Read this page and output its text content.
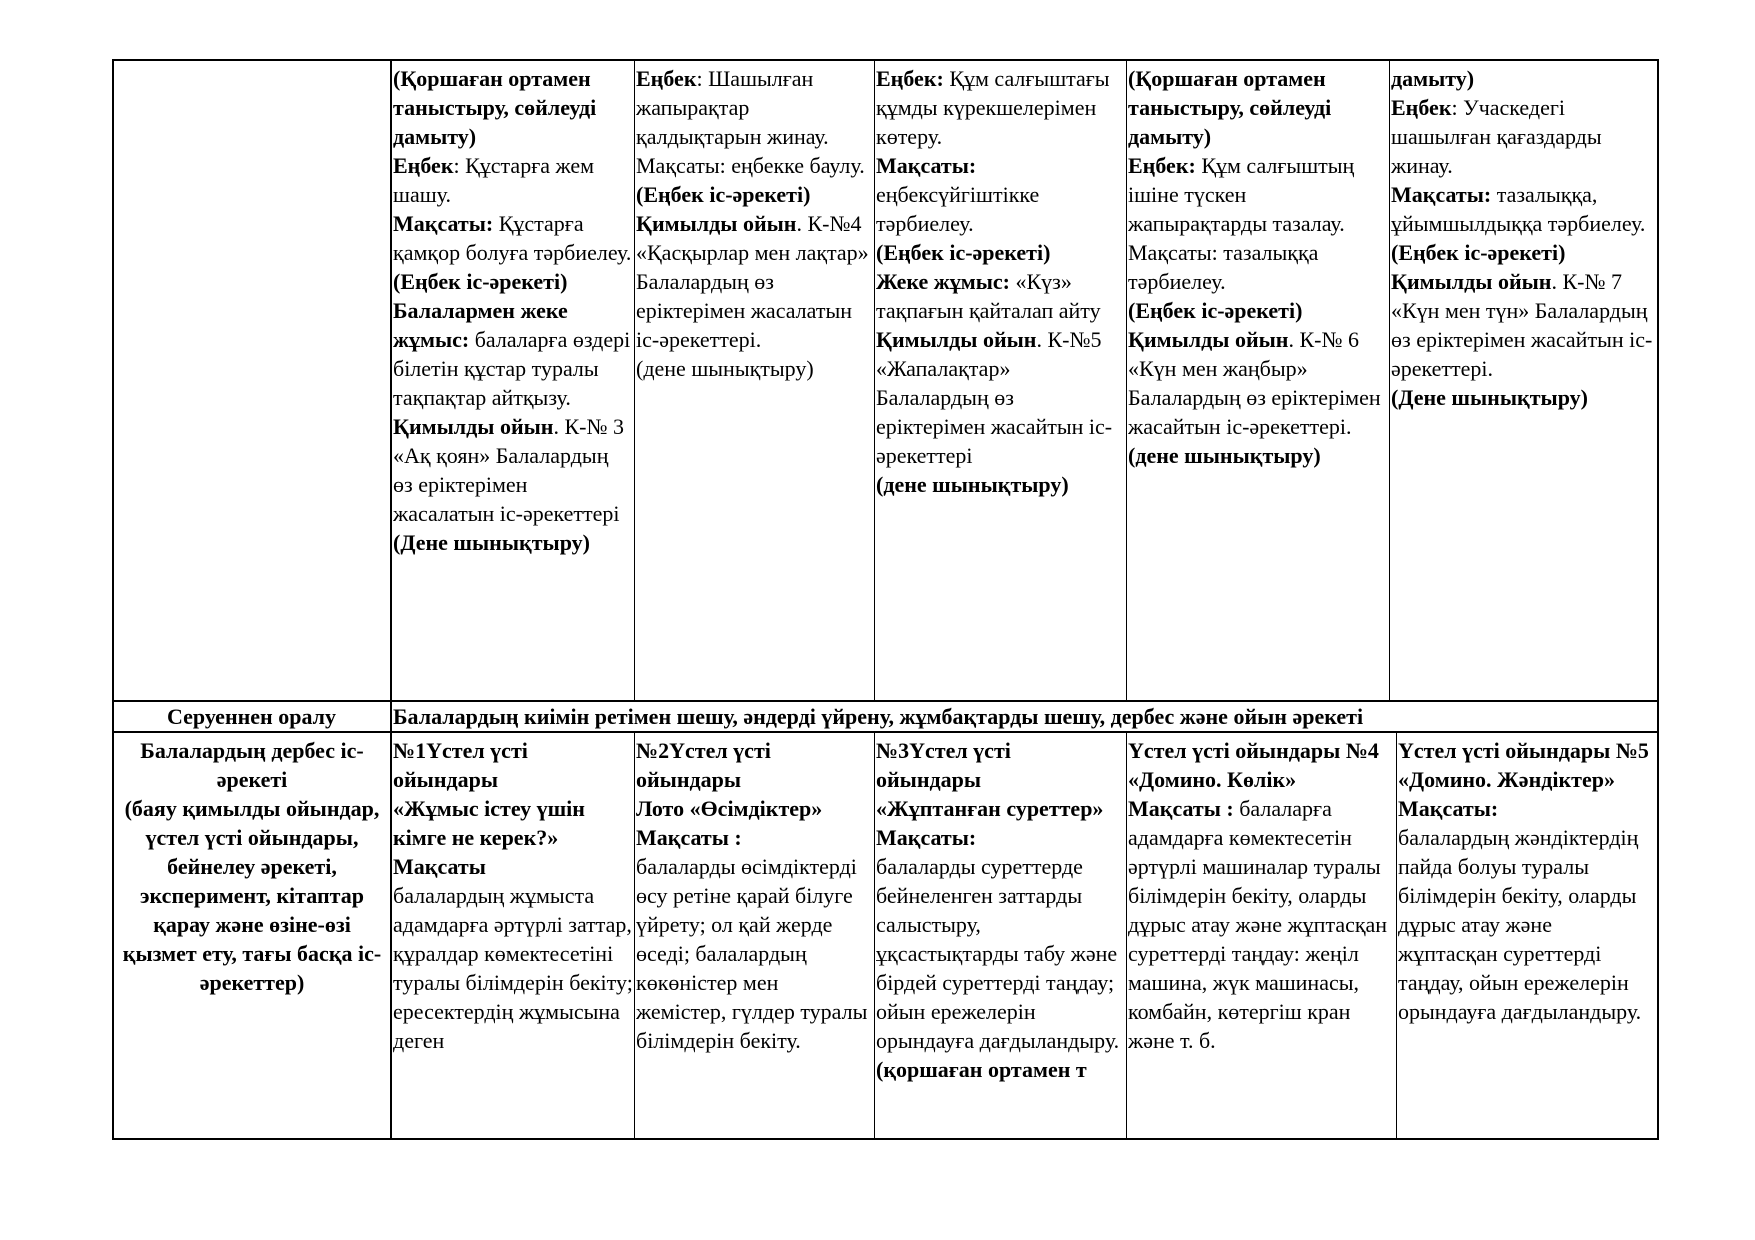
(Қоршаған ортамен таныстыру, сөйлеуді дамыту)

Еңбек: Құстарға жем шашу.

Мақсаты: Құстарға қамқор болуға тәрбиелеу.

(Еңбек іс-әрекеті)

Балалармен жеке жұмыс: балаларға өздері білетін құстар туралы тақпақтар айтқызу.

Қимылды ойын. К-№ 3 «Ақ қоян» Балалардың өз еріктерімен жасалатын іс-әрекеттері

(Дене шынықтыру)

Еңбек: Шашылған жапырақтар қалдықтарын жинау. Мақсаты: еңбекке баулу.

(Еңбек іс-әрекеті)

Қимылды ойын. К-№4 «Қасқырлар мен лақтар» Балалардың өз еріктерімен жасалатын іс-әрекеттері.

(дене шынықтыру)

Еңбек: Құм салғыштағы құмды күрекшелерімен көтеру.

Мақсаты: еңбексүйгіштікке тәрбиелеу.

(Еңбек іс-әрекеті)

Жеке жұмыс: «Күз» тақпағын қайталап айту

Қимылды ойын. К-№5 «Жапалақтар» Балалардың өз еріктерімен жасайтын іс-әрекеттері

(дене шынықтыру)

(Қоршаған ортамен таныстыру, сөйлеуді дамыту)

Еңбек: Құм салғыштың ішіне түскен жапырақтарды тазалау. Мақсаты: тазалыққа тәрбиелеу.

(Еңбек іс-әрекеті)

Қимылды ойын. К-№ 6 «Күн мен жаңбыр» Балалардың өз еріктерімен жасайтын іс-әрекеттері.

(дене шынықтыру)

дамыту)

Еңбек: Учаскедегі шашылған қағаздарды жинау.

Мақсаты: тазалыққа, ұйымшылдыққа тәрбиелеу.

(Еңбек іс-әрекеті)

Қимылды ойын. К-№ 7 «Күн мен түн» Балалардың өз еріктерімен жасайтын іс-әрекеттері.

(Дене шынықтыру)

Серуеннен оралу	Балалардың киімін ретімен шешу, әндерді үйрену, жұмбақтарды шешу, дербес және ойын әрекеті
Балалардың дербес іс-әрекеті
(баяу қимылды ойындар, үстел үсті ойындары, бейнелеу әрекеті, эксперимент, кітаптар қарау және өзіне-өзі
қызмет ету, тағы басқа іс-әрекеттер)

№1Үстел үсті ойындары

«Жұмыс істеу үшін кімге не керек?»

Мақсаты

балалардың жұмыста адамдарға әртүрлі заттар, құралдар көмектесетіні туралы білімдерін бекіту; ересектердің жұмысына деген

№2Үстел үсті

ойындары

Лото «Өсімдіктер»

Мақсаты :

балаларды өсімдіктерді өсу ретіне қарай білуге үйрету; ол қай жерде өседі; балалардың көкөністер мен жемістер, гүлдер туралы білімдерін бекіту.

№3Үстел үсті

ойындары

«Жұптанған суреттер» Мақсаты:

балаларды суреттерде бейнеленген заттарды салыстыру, ұқсастықтарды табу және бірдей суреттерді таңдау; ойын ережелерін орындауға дағдыландыру.

(қоршаған ортамен т

Үстел үсті ойындары №4

«Домино. Көлік»

Мақсаты : балаларға адамдарға көмектесетін әртүрлі машиналар туралы білімдерін бекіту, оларды дұрыс атау және жұптасқан суреттерді таңдау: жеңіл машина, жүк машинасы, комбайн, көтергіш кран және т. б.

Үстел үсті ойындары №5 «Домино. Жәндіктер» Мақсаты:

балалардың жәндіктердің пайда болуы туралы білімдерін бекіту, оларды дұрыс атау және жұптасқан суреттерді таңдау, ойын ережелерін орындауға дағдыландыру.
